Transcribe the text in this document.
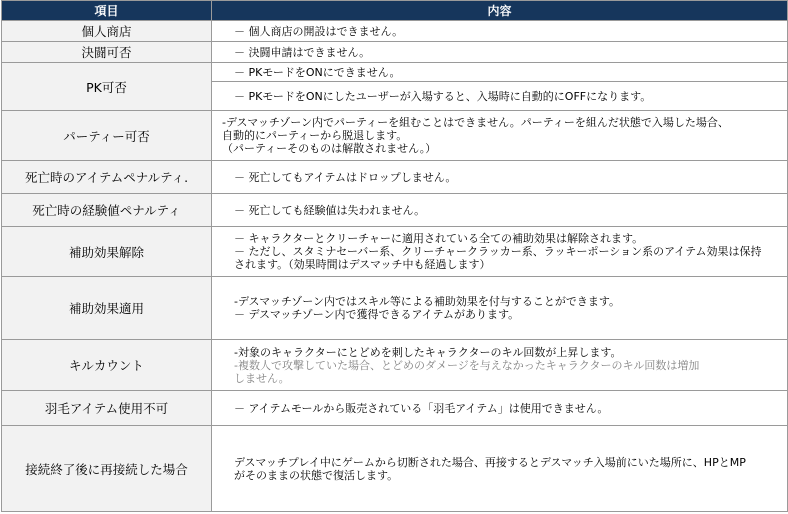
項目	内容
個人商店	－ 個人商店の開設はできません。

決闘可否	－ 決闘申請はできません。

PK可否	－ PKモードをONにできません。

	－ PKモードをONにしたユーザーが入場すると、入場時に自動的にOFFになります。

パーティー可否	-デスマッチゾーン内でパーティーを組むことはできません。パーティーを組んだ状態で入場した場合、
自動的にパーティーから脱退します。
（パーティーそのものは解散されません。）

死亡時のアイテムペナルティ.	－ 死亡してもアイテムはドロップしません。

死亡時の経験値ペナルティ	－ 死亡しても経験値は失われません。

補助効果解除	－ キャラクターとクリーチャーに適用されている全ての補助効果は解除されます。
－ ただし、スタミナセーバー系、クリーチャークラッカー系、ラッキーポーション系のアイテム効果は保持
されます。（効果時間はデスマッチ中も経過します）

補助効果適用	-デスマッチゾーン内ではスキル等による補助効果を付与することができます。
－ デスマッチゾーン内で獲得できるアイテムがあります。

キルカウント	-対象のキャラクターにとどめを刺したキャラクターのキル回数が上昇します。
-複数人で攻撃していた場合、とどめのダメージを与えなかったキャラクターのキル回数は増加
しません。

羽毛アイテム使用不可	－ アイテムモールから販売されている「羽毛アイテム」は使用できません。

接続終了後に再接続した場合	デスマッチプレイ中にゲームから切断された場合、再接するとデスマッチ入場前にいた場所に、HPとMP
がそのままの状態で復活します。
